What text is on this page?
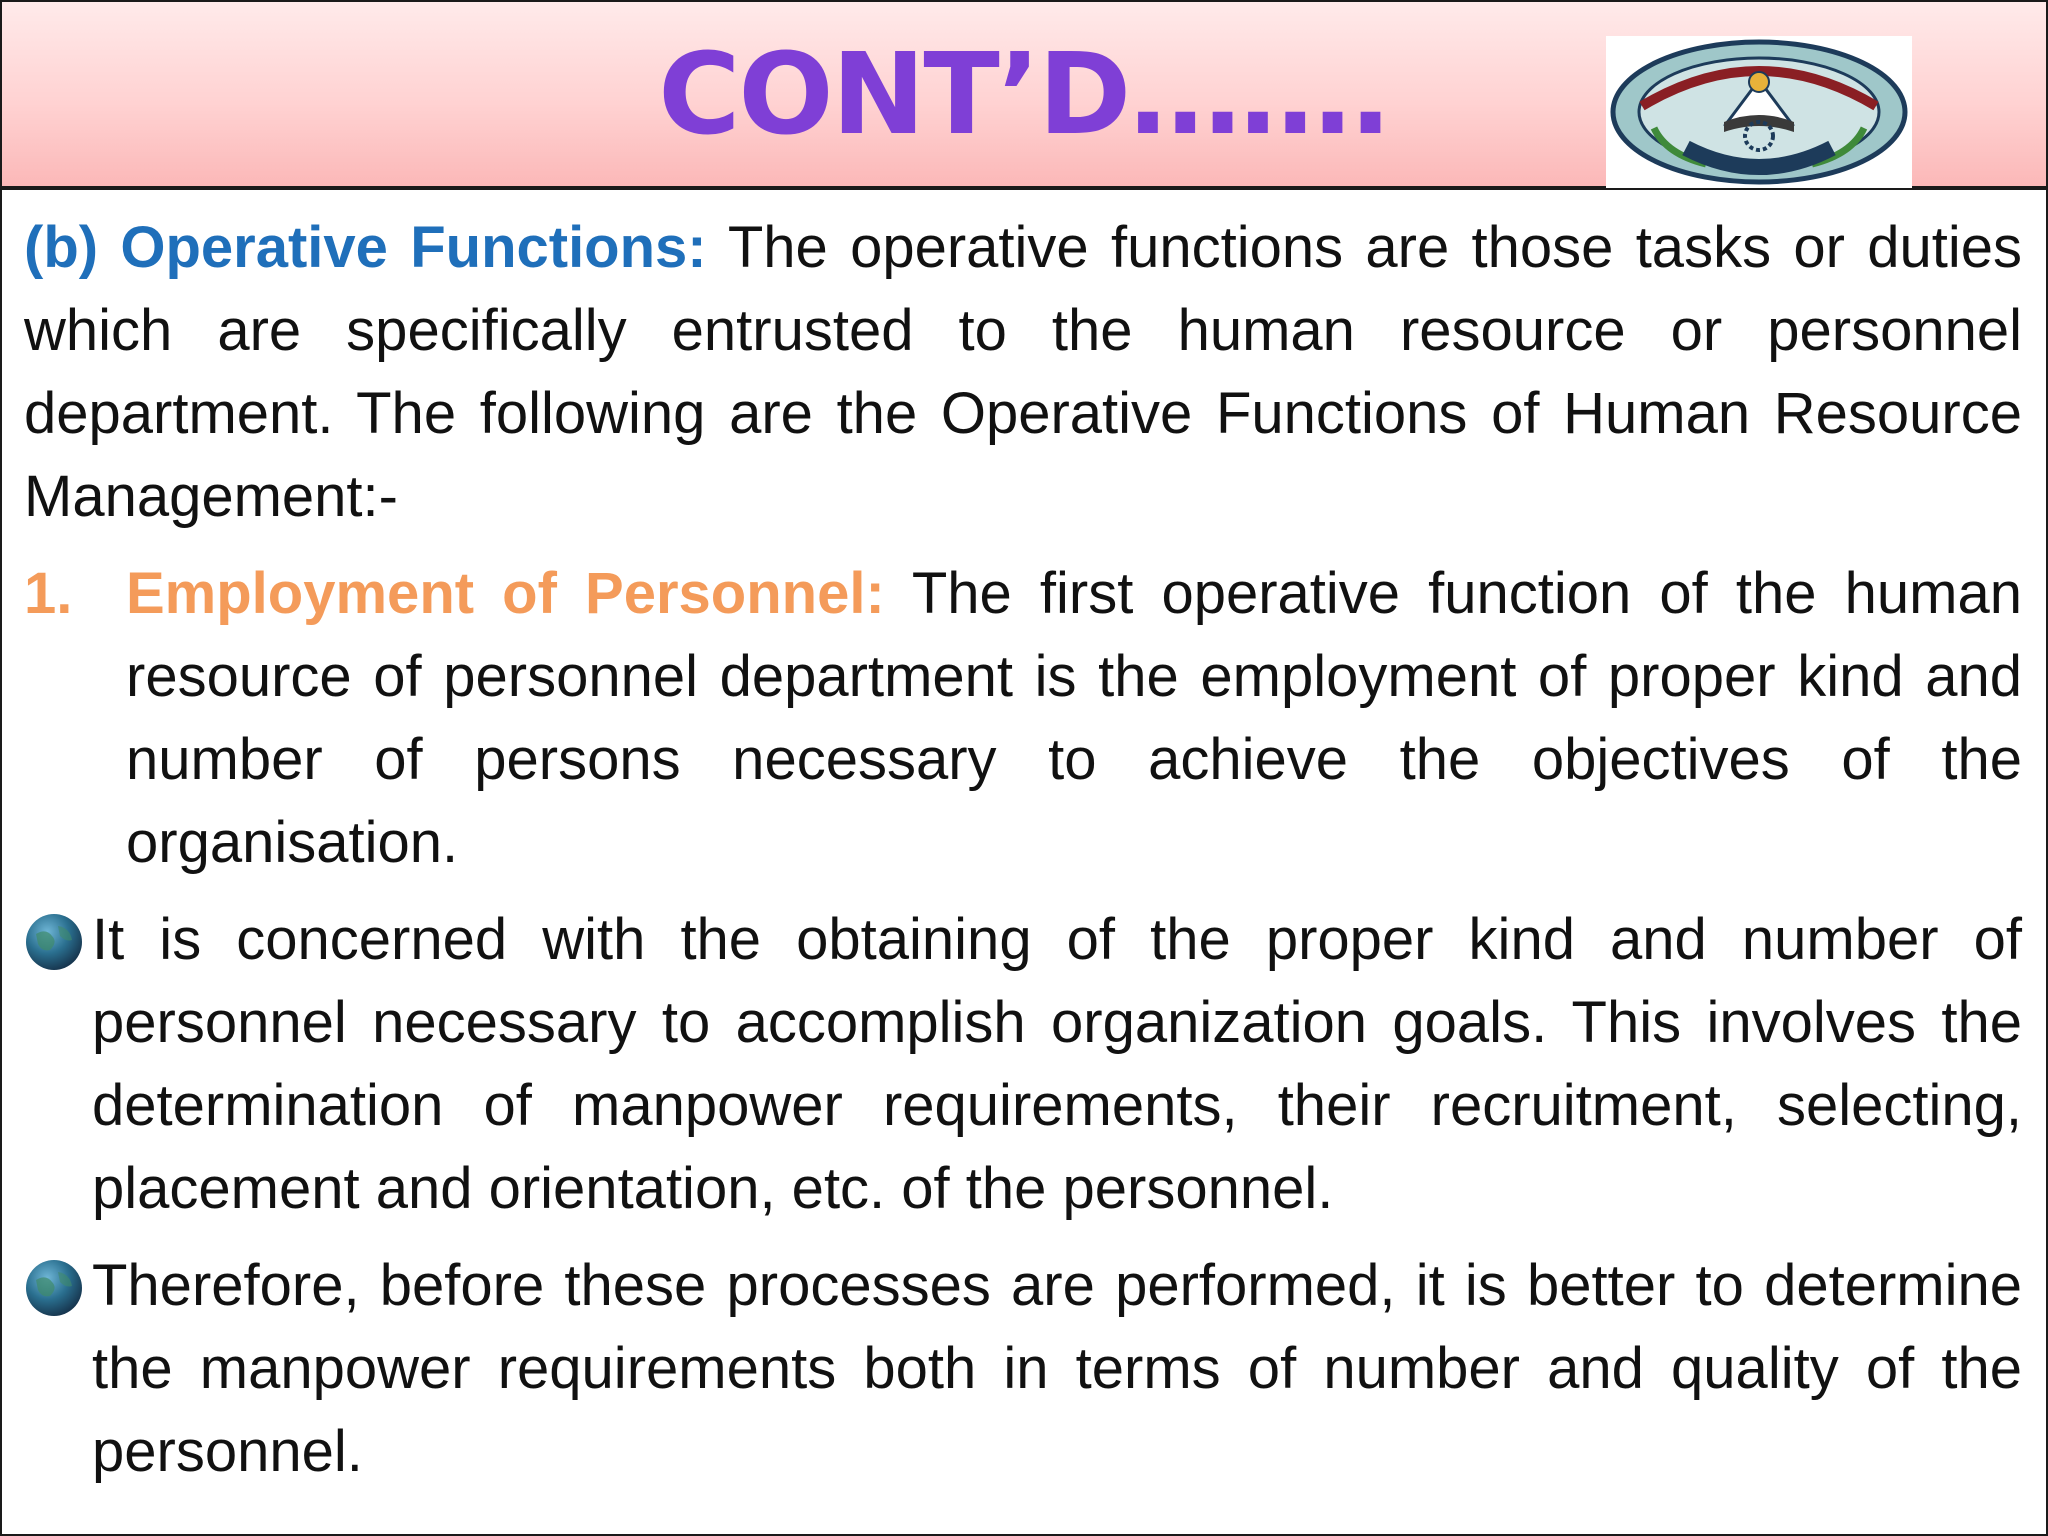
CONT’D…….

(b) Operative Functions: The operative functions are those tasks or duties which are specifically entrusted to the human resource or personnel department. The following are the Operative Functions of Human Resource Management:-

1. Employment of Personnel: The first operative function of the human resource of personnel department is the employment of proper kind and number of persons necessary to achieve the objectives of the organisation.
It is concerned with the obtaining of the proper kind and number of personnel necessary to accomplish organization goals. This involves the determination of manpower requirements, their recruitment, selecting, placement and orientation, etc. of the personnel.
Therefore, before these processes are performed, it is better to determine the manpower requirements both in terms of number and quality of the personnel.
